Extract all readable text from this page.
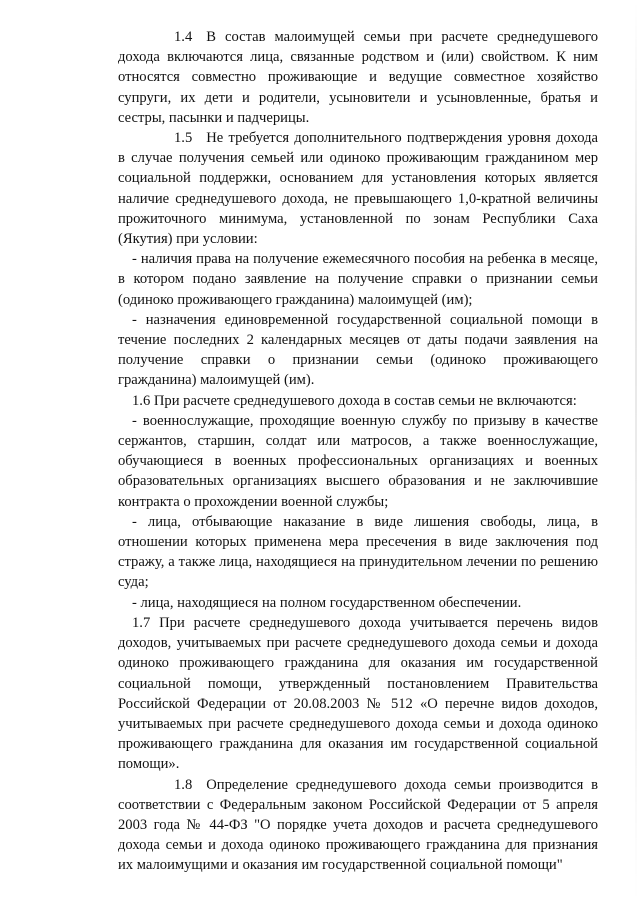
1.4 В состав малоимущей семьи при расчете среднедушевого дохода включаются лица, связанные родством и (или) свойством. К ним относятся совместно проживающие и ведущие совместное хозяйство супруги, их дети и родители, усыновители и усыновленные, братья и сестры, пасынки и падчерицы.

1.5 Не требуется дополнительного подтверждения уровня дохода в случае получения семьей или одиноко проживающим гражданином мер социальной поддержки, основанием для установления которых является наличие среднедушевого дохода, не превышающего 1,0-кратной величины прожиточного минимума, установленной по зонам Республики Саха (Якутия) при условии:

- наличия права на получение ежемесячного пособия на ребенка в месяце, в котором подано заявление на получение справки о признании семьи (одиноко проживающего гражданина) малоимущей (им);

- назначения единовременной государственной социальной помощи в течение последних 2 календарных месяцев от даты подачи заявления на получение справки о признании семьи (одиноко проживающего гражданина) малоимущей (им).

1.6 При расчете среднедушевого дохода в состав семьи не включаются:

- военнослужащие, проходящие военную службу по призыву в качестве сержантов, старшин, солдат или матросов, а также военнослужащие, обучающиеся в военных профессиональных организациях и военных образовательных организациях высшего образования и не заключившие контракта о прохождении военной службы;

- лица, отбывающие наказание в виде лишения свободы, лица, в отношении которых применена мера пресечения в виде заключения под стражу, а также лица, находящиеся на принудительном лечении по решению суда;

- лица, находящиеся на полном государственном обеспечении.

1.7 При расчете среднедушевого дохода учитывается перечень видов доходов, учитываемых при расчете среднедушевого дохода семьи и дохода одиноко проживающего гражданина для оказания им государственной социальной помощи, утвержденный постановлением Правительства Российской Федерации от 20.08.2003 № 512 «О перечне видов доходов, учитываемых при расчете среднедушевого дохода семьи и дохода одиноко проживающего гражданина для оказания им государственной социальной помощи».

1.8 Определение среднедушевого дохода семьи производится в соответствии с Федеральным законом Российской Федерации от 5 апреля 2003 года № 44-ФЗ "О порядке учета доходов и расчета среднедушевого дохода семьи и дохода одиноко проживающего гражданина для признания их малоимущими и оказания им государственной социальной помощи"
